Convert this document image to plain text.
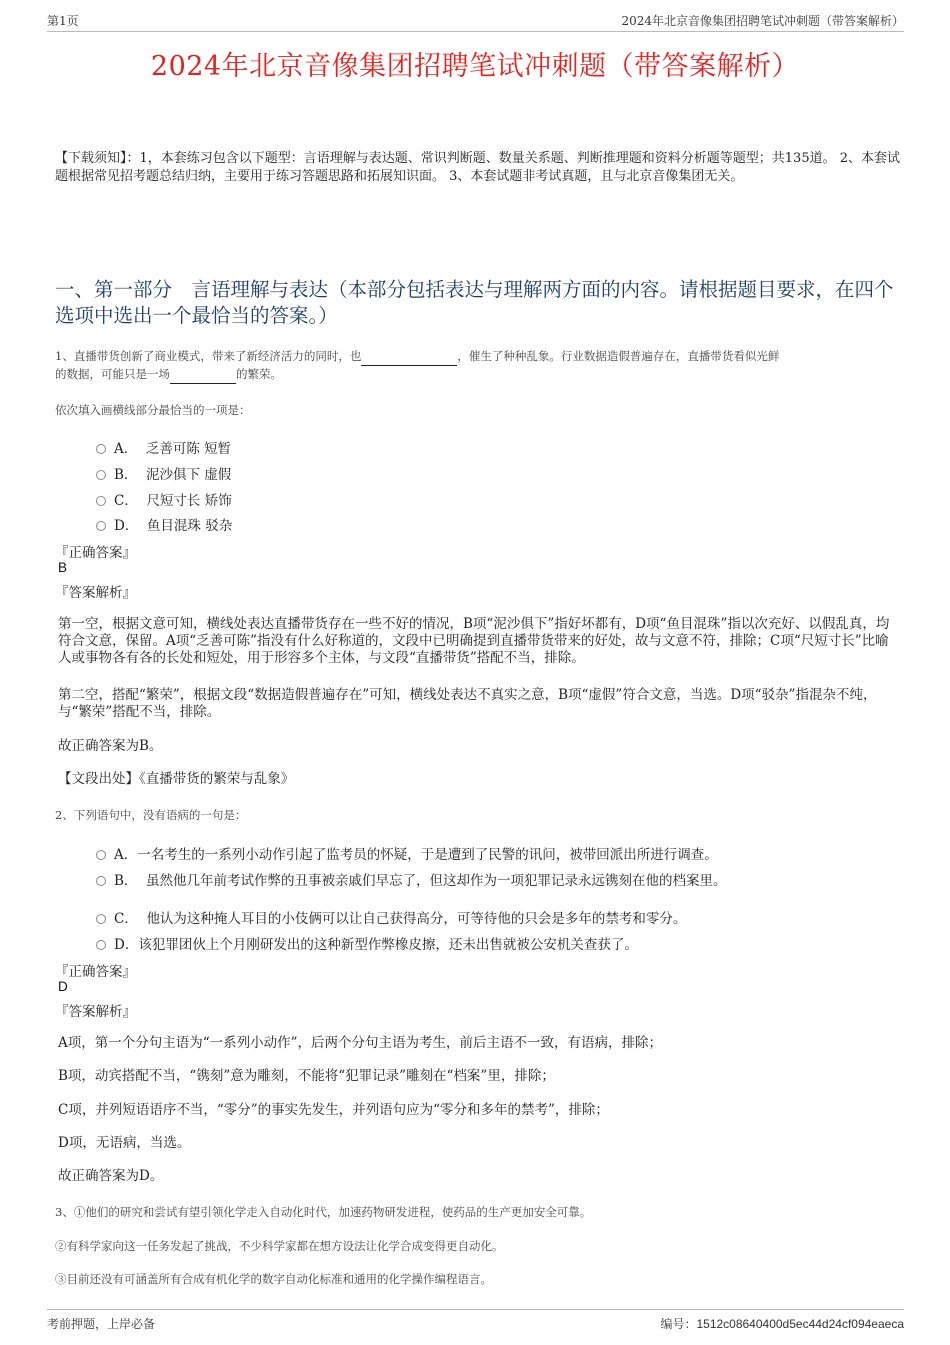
第1页	2024年北京音像集团招聘笔试冲刺题（带答案解析）
2024年北京音像集团招聘笔试冲刺题（带答案解析）
【下载须知】：1，本套练习包含以下题型：言语理解与表达题、常识判断题、数量关系题、判断推理题和资料分析题等题型；共135道。 2、本套试题根据常见招考题总结归纳，主要用于练习答题思路和拓展知识面。 3、本套试题非考试真题，且与北京音像集团无关。
一、第一部分　言语理解与表达（本部分包括表达与理解两方面的内容。请根据题目要求，在四个选项中选出一个最恰当的答案。）
1、直播带货创新了商业模式，带来了新经济活力的同时，也	，催生了种种乱象。行业数据造假普遍存在，直播带货看似光鲜
的数据，可能只是一场	的繁荣。
依次填入画横线部分最恰当的一项是：
A． 乏善可陈 短暂
B． 泥沙俱下 虚假
C． 尺短寸长 矫饰
D． 鱼目混珠 驳杂
『正确答案』
B
『答案解析』
第一空，根据文意可知，横线处表达直播带货存在一些不好的情况，B项“泥沙俱下”指好坏都有，D项“鱼目混珠”指以次充好、以假乱真，均符合文意，保留。A项“乏善可陈”指没有什么好称道的，文段中已明确提到直播带货带来的好处，故与文意不符，排除；C项“尺短寸长”比喻人或事物各有各的长处和短处，用于形容多个主体，与文段“直播带货”搭配不当，排除。
第二空，搭配“繁荣”，根据文段“数据造假普遍存在”可知，横线处表达不真实之意，B项“虚假”符合文意，当选。D项“驳杂”指混杂不纯，与“繁荣”搭配不当，排除。
故正确答案为B。
【文段出处】《直播带货的繁荣与乱象》
2、下列语句中，没有语病的一句是：
A．一名考生的一系列小动作引起了监考员的怀疑，于是遭到了民警的讯问，被带回派出所进行调查。
B． 虽然他几年前考试作弊的丑事被亲戚们早忘了，但这却作为一项犯罪记录永远镌刻在他的档案里。
C． 他认为这种掩人耳目的小伎俩可以让自己获得高分，可等待他的只会是多年的禁考和零分。
D．该犯罪团伙上个月刚研发出的这种新型作弊橡皮擦，还未出售就被公安机关查获了。
『正确答案』
D
『答案解析』
A项，第一个分句主语为“一系列小动作”，后两个分句主语为考生，前后主语不一致，有语病，排除；
B项，动宾搭配不当，“镌刻”意为雕刻，不能将“犯罪记录”雕刻在“档案”里，排除；
C项，并列短语语序不当，“零分”的事实先发生，并列语句应为“零分和多年的禁考”，排除；
D项，无语病，当选。
故正确答案为D。
3、①他们的研究和尝试有望引领化学走入自动化时代，加速药物研发进程，使药品的生产更加安全可靠。
②有科学家向这一任务发起了挑战，不少科学家都在想方设法让化学合成变得更自动化。
③目前还没有可涵盖所有合成有机化学的数字自动化标准和通用的化学操作编程语言。
考前押题，上岸必备	编号：1512c08640400d5ec44d24cf094eaeca
